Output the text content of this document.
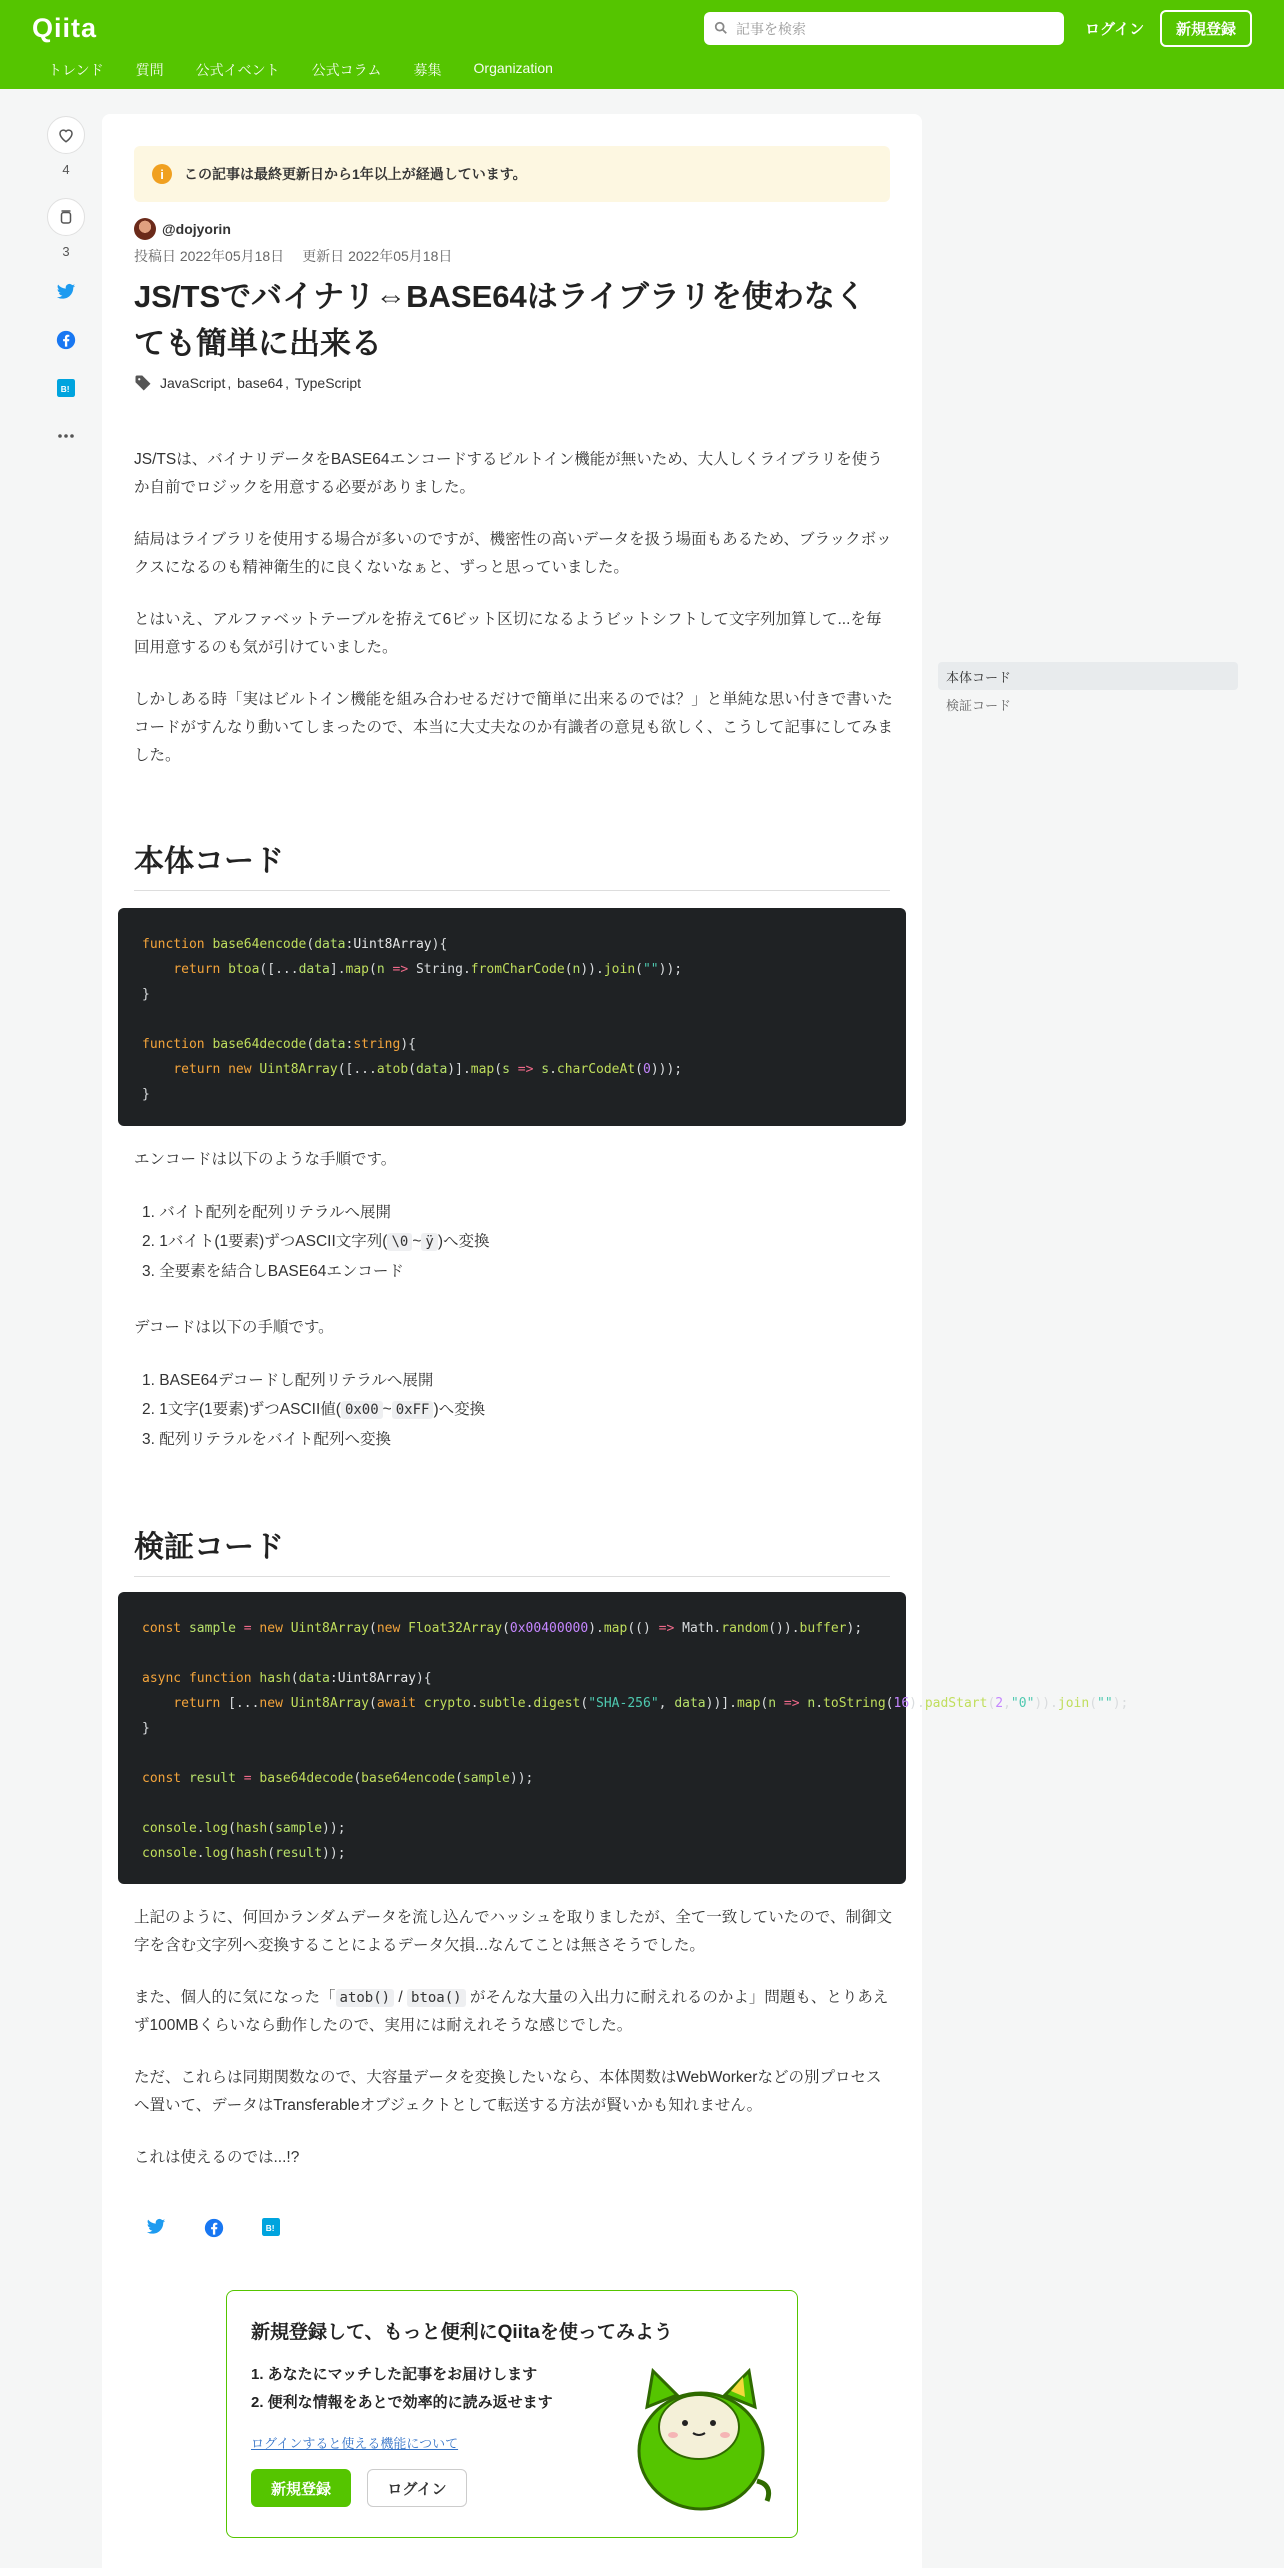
Qiita	記事を検索	ログイン	新規登録
トレンド 質問 公式イベント 公式コラム 募集 Organization
4
3
B!
i	この記事は最終更新日から1年以上が経過しています。
@dojyorin
投稿日 2022年05月18日 更新日 2022年05月18日
JS/TSでバイナリ⇔BASE64はライブラリを使わなくても簡単に出来る
JavaScript , base64 , TypeScript
JS/TSは、バイナリデータをBASE64エンコードするビルトイン機能が無いため、大人しくライブラリを使うか自前でロジックを用意する必要がありました。
結局はライブラリを使用する場合が多いのですが、機密性の高いデータを扱う場面もあるため、ブラックボックスになるのも精神衛生的に良くないなぁと、ずっと思っていました。
とはいえ、アルファベットテーブルを拵えて6ビット区切になるようビットシフトして文字列加算して...を毎回用意するのも気が引けていました。
しかしある時「実はビルトイン機能を組み合わせるだけで簡単に出来るのでは？」と単純な思い付きで書いたコードがすんなり動いてしまったので、本当に大丈夫なのか有識者の意見も欲しく、こうして記事にしてみました。
本体コード
function base64encode(data:Uint8Array){
return btoa([...data].map(n => String.fromCharCode(n)).join(""));
}

function base64decode(data:string){
return new Uint8Array([...atob(data)].map(s => s.charCodeAt(0)));
}
エンコードは以下のような手順です。
1. バイト配列を配列リテラルへ展開
2. 1バイト(1要素)ずつASCII文字列( \0 ~ ÿ )へ変換
3. 全要素を結合しBASE64エンコード
デコードは以下の手順です。
1. BASE64デコードし配列リテラルへ展開
2. 1文字(1要素)ずつASCII値( 0x00 ~ 0xFF )へ変換
3. 配列リテラルをバイト配列へ変換
検証コード
const sample = new Uint8Array(new Float32Array(0x00400000).map(() => Math.random()).buffer);

async function hash(data:Uint8Array){
return [...new Uint8Array(await crypto.subtle.digest("SHA-256", data))].map(n => n.toString(16).padStart(2,"0")).join("");
}

const result = base64decode(base64encode(sample));

console.log(hash(sample));
console.log(hash(result));
上記のように、何回かランダムデータを流し込んでハッシュを取りましたが、全て一致していたので、制御文字を含む文字列へ変換することによるデータ欠損...なんてことは無さそうでした。
また、個人的に気になった「 atob() / btoa() がそんな大量の入出力に耐えれるのかよ」問題も、とりあえず100MBくらいなら動作したので、実用には耐えれそうな感じでした。
ただ、これらは同期関数なので、大容量データを変換したいなら、本体関数はWebWorkerなどの別プロセスへ置いて、データはTransferableオブジェクトとして転送する方法が賢いかも知れません。
これは使えるのでは...!?
B!
新規登録して、もっと便利にQiitaを使ってみよう
1. あなたにマッチした記事をお届けします
2. 便利な情報をあとで効率的に読み返せます
ログインすると使える機能について
新規登録	ログイン
本体コード
検証コード
